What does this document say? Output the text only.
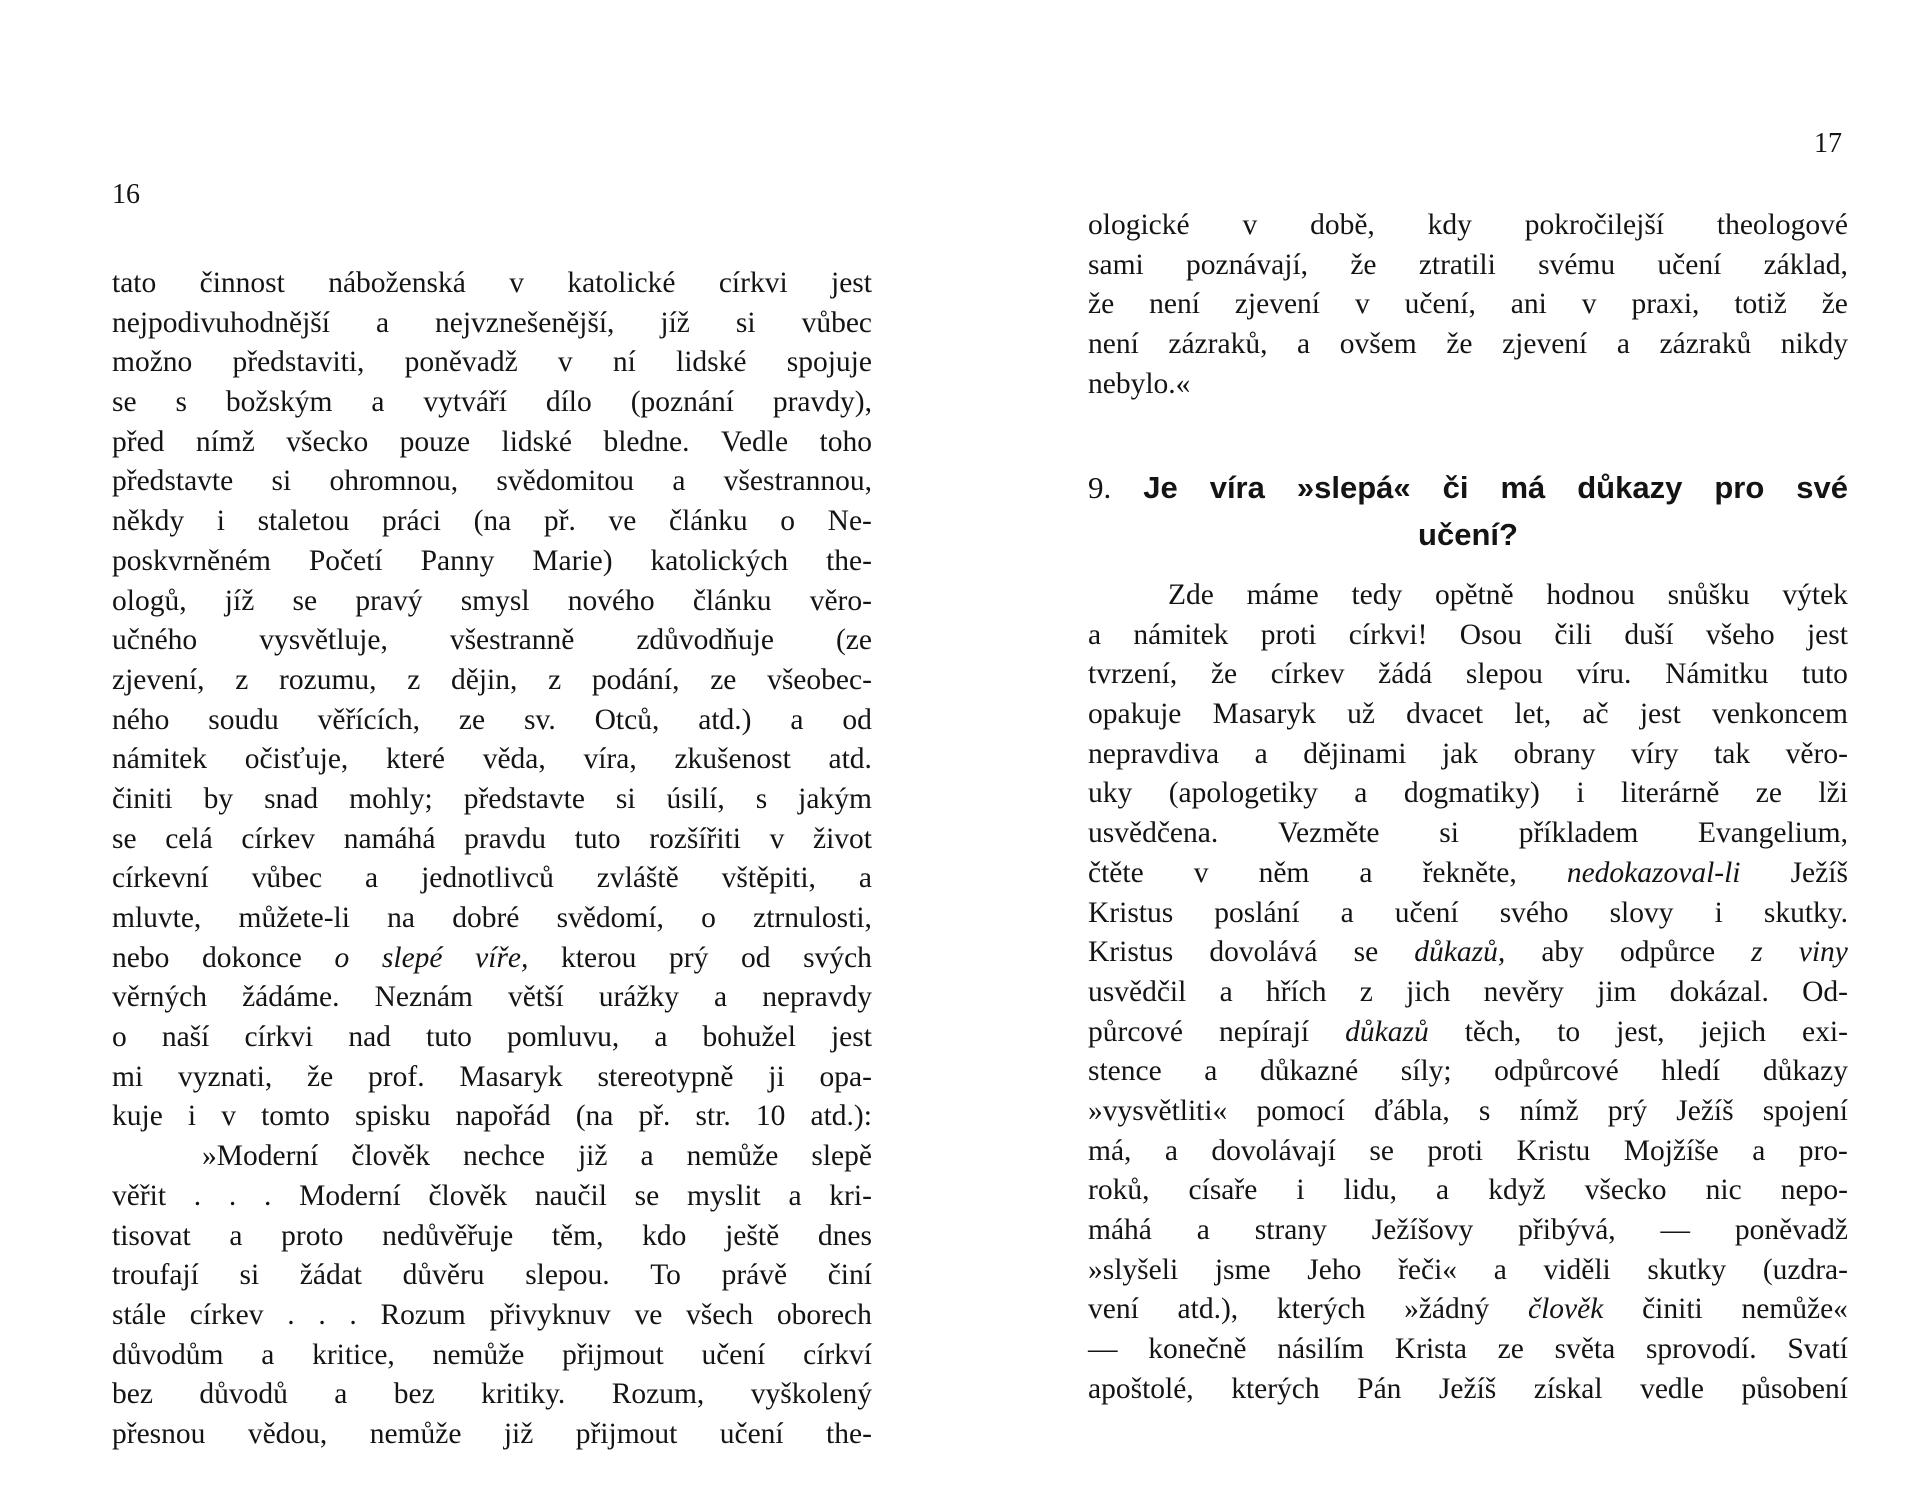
16
17
tato činnost náboženská v katolické církvi jest
nejpodivuhodnější a nejvznešenější, jíž si vůbec
možno představiti, poněvadž v ní lidské spojuje
se s božským a vytváří dílo (poznání pravdy),
před nímž všecko pouze lidské bledne. Vedle toho
představte si ohromnou, svědomitou a všestrannou,
někdy i staletou práci (na př. ve článku o Ne-
poskvrněném Početí Panny Marie) katolických the-
ologů, jíž se pravý smysl nového článku věro-
učného vysvětluje, všestranně zdůvodňuje (ze
zjevení, z rozumu, z dějin, z podání, ze všeobec-
ného soudu věřících, ze sv. Otců, atd.) a od
námitek očisťuje, které věda, víra, zkušenost atd.
činiti by snad mohly; představte si úsilí, s jakým
se celá církev namáhá pravdu tuto rozšířiti v život
církevní vůbec a jednotlivců zvláště vštěpiti, a
mluvte, můžete-li na dobré svědomí, o ztrnulosti,
nebo dokonce o slepé víře, kterou prý od svých
věrných žádáme. Neznám větší urážky a nepravdy
o naší církvi nad tuto pomluvu, a bohužel jest
mi vyznati, že prof. Masaryk stereotypně ji opa-
kuje i v tomto spisku napořád (na př. str. 10 atd.):
»Moderní člověk nechce již a nemůže slepě
věřit . . . Moderní člověk naučil se myslit a kri-
tisovat a proto nedůvěřuje těm, kdo ještě dnes
troufají si žádat důvěru slepou. To právě činí
stále církev . . . Rozum přivyknuv ve všech oborech
důvodům a kritice, nemůže přijmout učení církví
bez důvodů a bez kritiky. Rozum, vyškolený
přesnou vědou, nemůže již přijmout učení the-
ologické v době, kdy pokročilejší theologové
sami poznávají, že ztratili svému učení základ,
že není zjevení v učení, ani v praxi, totiž že
není zázraků, a ovšem že zjevení a zázraků nikdy
nebylo.«
9. Je víra »slepá« či má důkazy pro své
učení?
Zde máme tedy opětně hodnou snůšku výtek
a námitek proti církvi! Osou čili duší všeho jest
tvrzení, že církev žádá slepou víru. Námitku tuto
opakuje Masaryk už dvacet let, ač jest venkoncem
nepravdiva a dějinami jak obrany víry tak věro-
uky (apologetiky a dogmatiky) i literárně ze lži
usvědčena. Vezměte si příkladem Evangelium,
čtěte v něm a řekněte, nedokazoval-li Ježíš
Kristus poslání a učení svého slovy i skutky.
Kristus dovolává se důkazů, aby odpůrce z viny
usvědčil a hřích z jich nevěry jim dokázal. Od-
půrcové nepírají důkazů těch, to jest, jejich exi-
stence a důkazné síly; odpůrcové hledí důkazy
»vysvětliti« pomocí ďábla, s nímž prý Ježíš spojení
má, a dovolávají se proti Kristu Mojžíše a pro-
roků, císaře i lidu, a když všecko nic nepo-
máhá a strany Ježíšovy přibývá, — poněvadž
»slyšeli jsme Jeho řeči« a viděli skutky (uzdra-
vení atd.), kterých »žádný člověk činiti nemůže«
— konečně násilím Krista ze světa sprovodí. Svatí
apoštolé, kterých Pán Ježíš získal vedle působení
